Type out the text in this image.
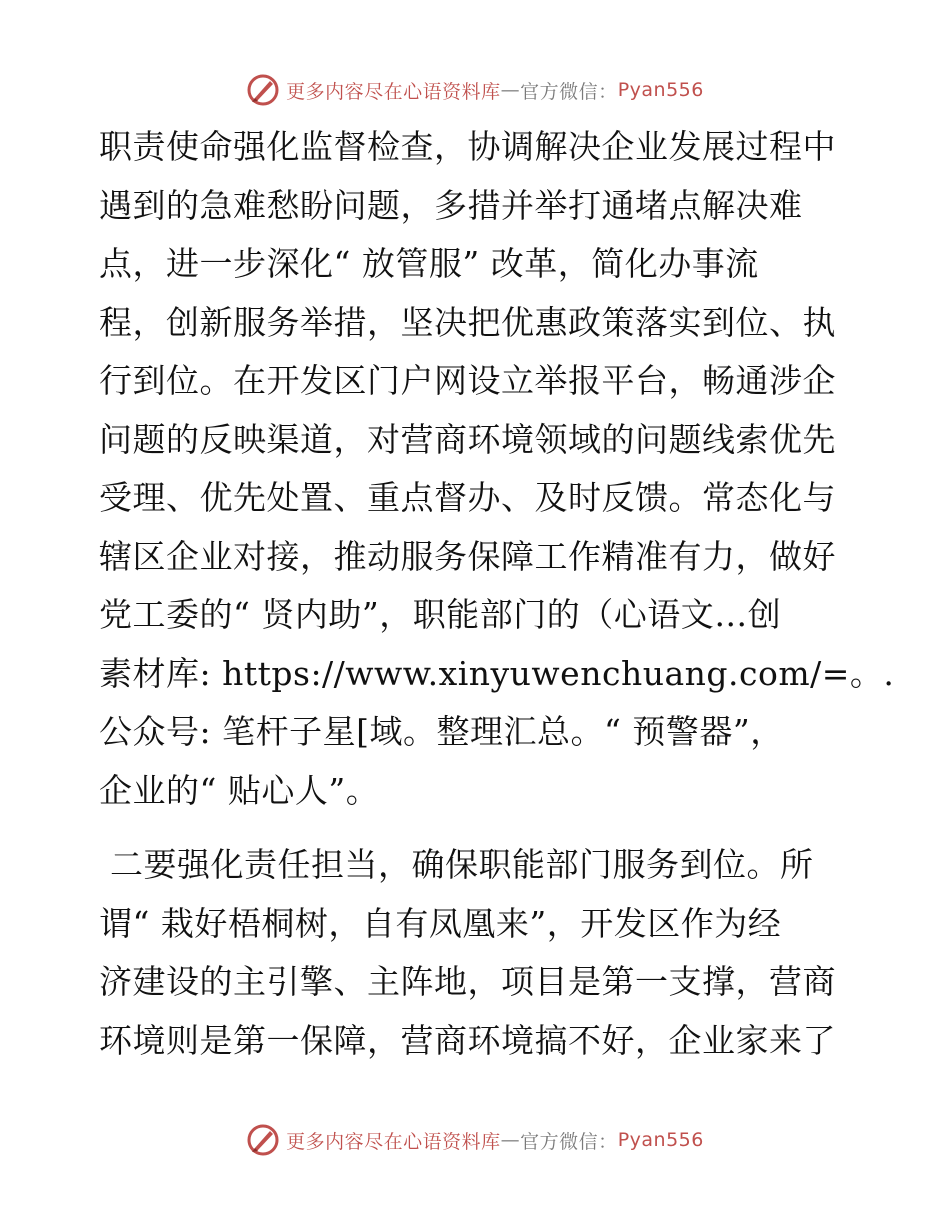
更多内容尽在心语资料库 — 官方微信： Pyan556
职责使命强化监督检查，协调解决企业发展过程中
遇到的急难愁盼问题，多措并举打通堵点解决难
点，进一步深化“ 放管服” 改革，简化办事流
程，创新服务举措，坚决把优惠政策落实到位、执
行到位。在开发区门户网设立举报平台，畅通涉企
问题的反映渠道，对营商环境领域的问题线索优先
受理、优先处置、重点督办、及时反馈。常态化与
辖区企业对接，推动服务保障工作精准有力，做好
党工委的“ 贤内助”，职能部门的（心语文…创
素材库: https://www.xinyuwenchuang.com/=。.
公众号: 笔杆子星[域。整理汇总。“ 预警器”，
企业的“ 贴心人”。
二要强化责任担当，确保职能部门服务到位。所
谓“ 栽好梧桐树，自有凤凰来”，开发区作为经
济建设的主引擎、主阵地，项目是第一支撑，营商
环境则是第一保障，营商环境搞不好，企业家来了
更多内容尽在心语资料库 — 官方微信： Pyan556
